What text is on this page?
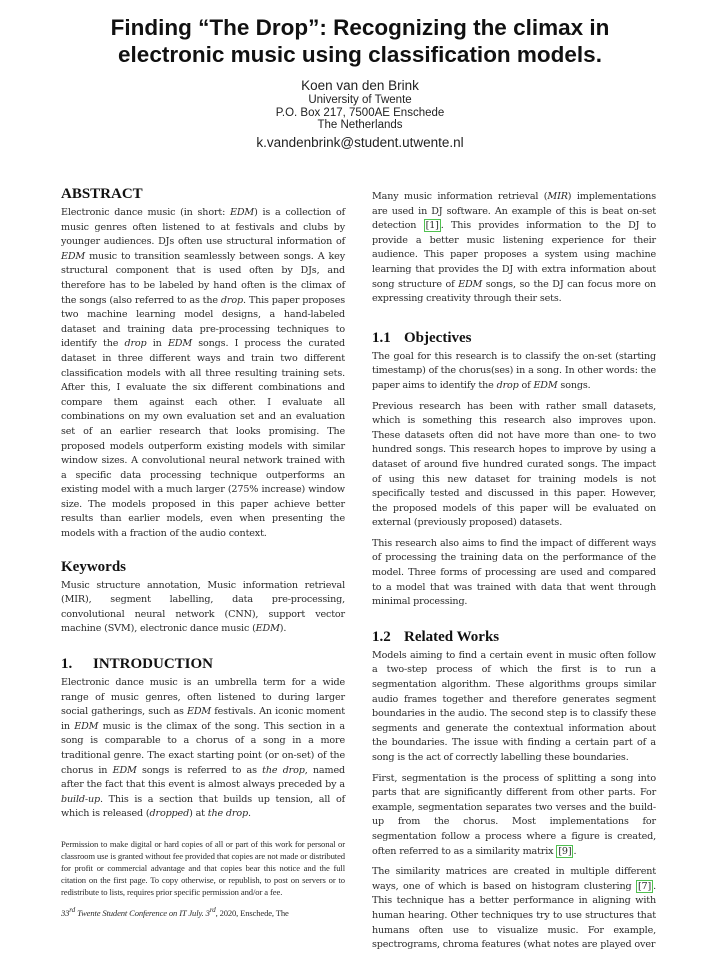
Finding “The Drop”: Recognizing the climax in
electronic music using classification models.
Koen van den Brink
University of Twente
P.O. Box 217, 7500AE Enschede
The Netherlands
k.vandenbrink@student.utwente.nl
ABSTRACT

Electronic dance music (in short: EDM) is a collection of music genres often listened to at festivals and clubs by younger audiences. DJs often use structural information of EDM music to transition seamlessly between songs. A key structural component that is used often by DJs, and therefore has to be labeled by hand often is the climax of the songs (also referred to as the drop. This paper proposes two machine learning model designs, a hand-labeled dataset and training data pre-processing techniques to identify the drop in EDM songs. I process the curated dataset in three different ways and train two different classification models with all three resulting training sets. After this, I evaluate the six different combinations and compare them against each other. I evaluate all combinations on my own evaluation set and an evaluation set of an earlier research that looks promising. The proposed models outperform existing models with similar window sizes. A convolutional neural network trained with a specific data processing technique outperforms an existing model with a much larger (275% increase) window size. The models proposed in this paper achieve better results than earlier models, even when presenting the models with a fraction of the audio context.

Keywords

Music structure annotation, Music information retrieval (MIR), segment labelling, data pre-processing, convolutional neural network (CNN), support vector machine (SVM), electronic dance music (EDM).

1. INTRODUCTION

Electronic dance music is an umbrella term for a wide range of music genres, often listened to during larger social gatherings, such as EDM festivals. An iconic moment in EDM music is the climax of the song. This section in a song is comparable to a chorus of a song in a more traditional genre. The exact starting point (or on-set) of the chorus in EDM songs is referred to as the drop, named after the fact that this event is almost always preceded by a build-up. This is a section that builds up tension, all of which is released (dropped) at the drop.

Permission to make digital or hard copies of all or part of this work for personal or classroom use is granted without fee provided that copies are not made or distributed for profit or commercial advantage and that copies bear this notice and the full citation on the first page. To copy otherwise, or republish, to post on servers or to redistribute to lists, requires prior specific permission and/or a fee.

33rd Twente Student Conference on IT July. 3rd, 2020, Enschede, The

Many music information retrieval (MIR) implementations are used in DJ software. An example of this is beat on-set detection [1] . This provides information to the DJ to provide a better music listening experience for their audience. This paper proposes a system using machine learning that provides the DJ with extra information about song structure of EDM songs, so the DJ can focus more on expressing creativity through their sets.

1.1 Objectives

The goal for this research is to classify the on-set (starting timestamp) of the chorus(ses) in a song. In other words: the paper aims to identify the drop of EDM songs.

Previous research has been with rather small datasets, which is something this research also improves upon. These datasets often did not have more than one- to two hundred songs. This research hopes to improve by using a dataset of around five hundred curated songs. The impact of using this new dataset for training models is not specifically tested and discussed in this paper. However, the proposed models of this paper will be evaluated on external (previously proposed) datasets.

This research also aims to find the impact of different ways of processing the training data on the performance of the model. Three forms of processing are used and compared to a model that was trained with data that went through minimal processing.

1.2 Related Works

Models aiming to find a certain event in music often follow a two-step process of which the first is to run a segmentation algorithm. These algorithms groups similar audio frames together and therefore generates segment boundaries in the audio. The second step is to classify these segments and generate the contextual information about the boundaries. The issue with finding a certain part of a song is the act of correctly labelling these boundaries.

First, segmentation is the process of splitting a song into parts that are significantly different from other parts. For example, segmentation separates two verses and the build-up from the chorus. Most implementations for segmentation follow a process where a figure is created, often referred to as a similarity matrix [9] .

The similarity matrices are created in multiple different ways, one of which is based on histogram clustering [7] . This technique has a better performance in aligning with human hearing. Other techniques try to use structures that humans often use to visualize music. For example, spectrograms, chroma features (what notes are played over
